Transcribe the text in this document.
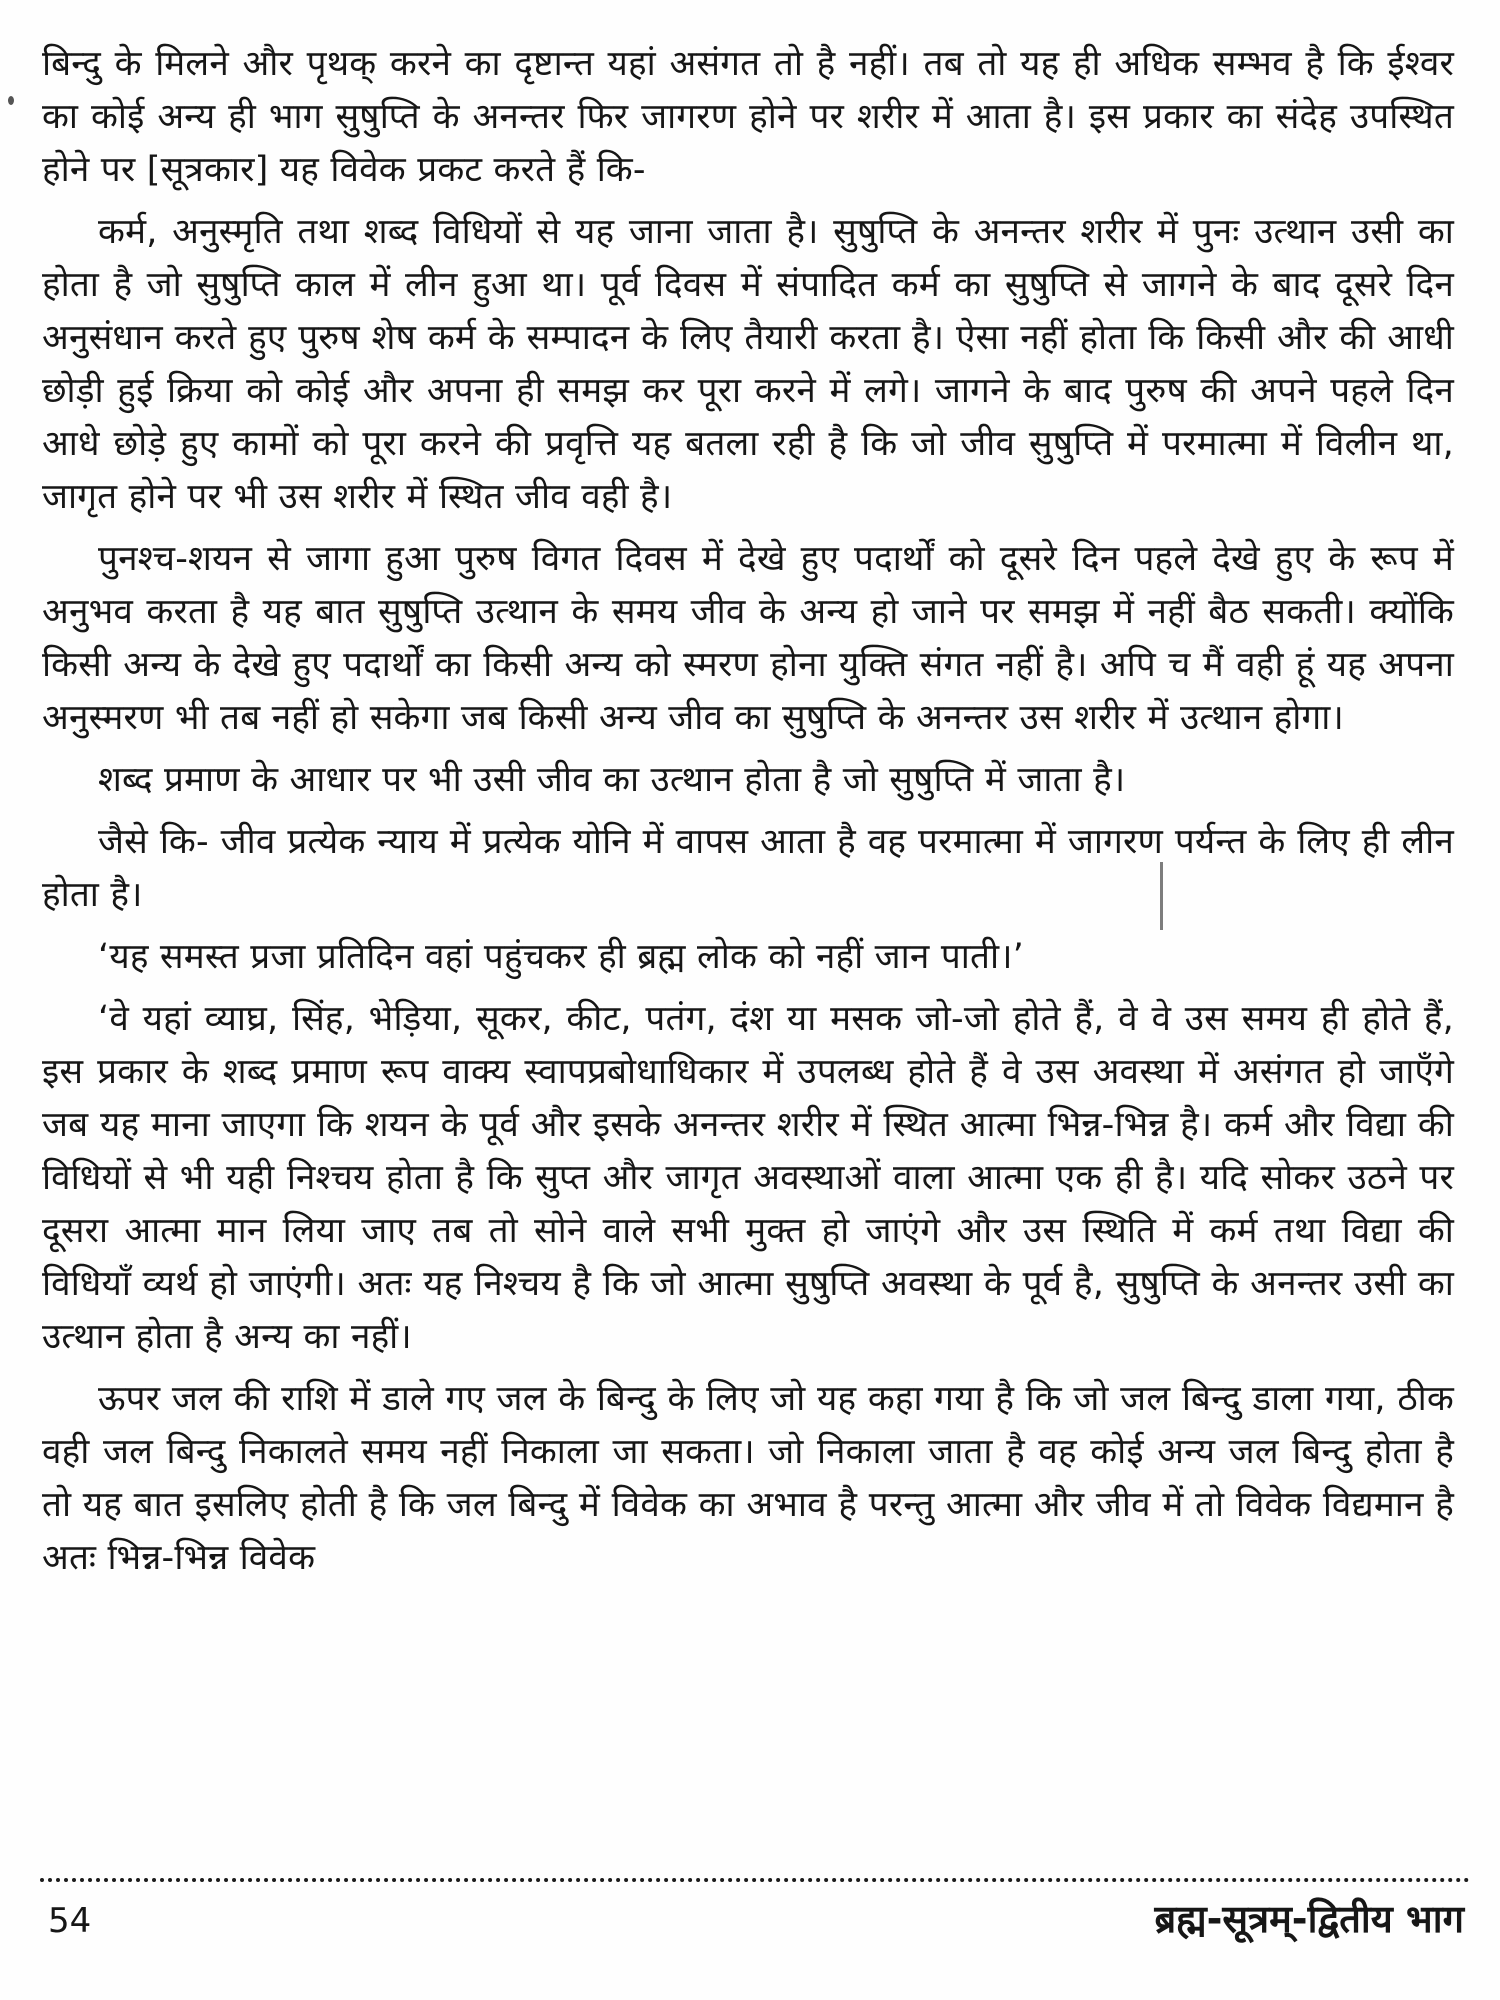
बिन्दु के मिलने और पृथक् करने का दृष्टान्त यहां असंगत तो है नहीं। तब तो यह ही अधिक सम्भव है कि ईश्वर का कोई अन्य ही भाग सुषुप्ति के अनन्तर फिर जागरण होने पर शरीर में आता है। इस प्रकार का संदेह उपस्थित होने पर [सूत्रकार] यह विवेक प्रकट करते हैं कि-

कर्म, अनुस्मृति तथा शब्द विधियों से यह जाना जाता है। सुषुप्ति के अनन्तर शरीर में पुनः उत्थान उसी का होता है जो सुषुप्ति काल में लीन हुआ था। पूर्व दिवस में संपादित कर्म का सुषुप्ति से जागने के बाद दूसरे दिन अनुसंधान करते हुए पुरुष शेष कर्म के सम्पादन के लिए तैयारी करता है। ऐसा नहीं होता कि किसी और की आधी छोड़ी हुई क्रिया को कोई और अपना ही समझ कर पूरा करने में लगे। जागने के बाद पुरुष की अपने पहले दिन आधे छोड़े हुए कामों को पूरा करने की प्रवृत्ति यह बतला रही है कि जो जीव सुषुप्ति में परमात्मा में विलीन था, जागृत होने पर भी उस शरीर में स्थित जीव वही है।

पुनश्च-शयन से जागा हुआ पुरुष विगत दिवस में देखे हुए पदार्थों को दूसरे दिन पहले देखे हुए के रूप में अनुभव करता है यह बात सुषुप्ति उत्थान के समय जीव के अन्य हो जाने पर समझ में नहीं बैठ सकती। क्योंकि किसी अन्य के देखे हुए पदार्थों का किसी अन्य को स्मरण होना युक्ति संगत नहीं है। अपि च मैं वही हूं यह अपना अनुस्मरण भी तब नहीं हो सकेगा जब किसी अन्य जीव का सुषुप्ति के अनन्तर उस शरीर में उत्थान होगा।

शब्द प्रमाण के आधार पर भी उसी जीव का उत्थान होता है जो सुषुप्ति में जाता है।

जैसे कि- जीव प्रत्येक न्याय में प्रत्येक योनि में वापस आता है वह परमात्मा में जागरण पर्यन्त के लिए ही लीन होता है।

‘यह समस्त प्रजा प्रतिदिन वहां पहुंचकर ही ब्रह्म लोक को नहीं जान पाती।’

‘वे यहां व्याघ्र, सिंह, भेड़िया, सूकर, कीट, पतंग, दंश या मसक जो-जो होते हैं, वे वे उस समय ही होते हैं, इस प्रकार के शब्द प्रमाण रूप वाक्य स्वापप्रबोधाधिकार में उपलब्ध होते हैं वे उस अवस्था में असंगत हो जाएँगे जब यह माना जाएगा कि शयन के पूर्व और इसके अनन्तर शरीर में स्थित आत्मा भिन्न-भिन्न है। कर्म और विद्या की विधियों से भी यही निश्चय होता है कि सुप्त और जागृत अवस्थाओं वाला आत्मा एक ही है। यदि सोकर उठने पर दूसरा आत्मा मान लिया जाए तब तो सोने वाले सभी मुक्त हो जाएंगे और उस स्थिति में कर्म तथा विद्या की विधियाँ व्यर्थ हो जाएंगी। अतः यह निश्चय है कि जो आत्मा सुषुप्ति अवस्था के पूर्व है, सुषुप्ति के अनन्तर उसी का उत्थान होता है अन्य का नहीं।

ऊपर जल की राशि में डाले गए जल के बिन्दु के लिए जो यह कहा गया है कि जो जल बिन्दु डाला गया, ठीक वही जल बिन्दु निकालते समय नहीं निकाला जा सकता। जो निकाला जाता है वह कोई अन्य जल बिन्दु होता है तो यह बात इसलिए होती है कि जल बिन्दु में विवेक का अभाव है परन्तु आत्मा और जीव में तो विवेक विद्यमान है अतः भिन्न-भिन्न विवेक

54	ब्रह्म-सूत्रम्-द्वितीय भाग
